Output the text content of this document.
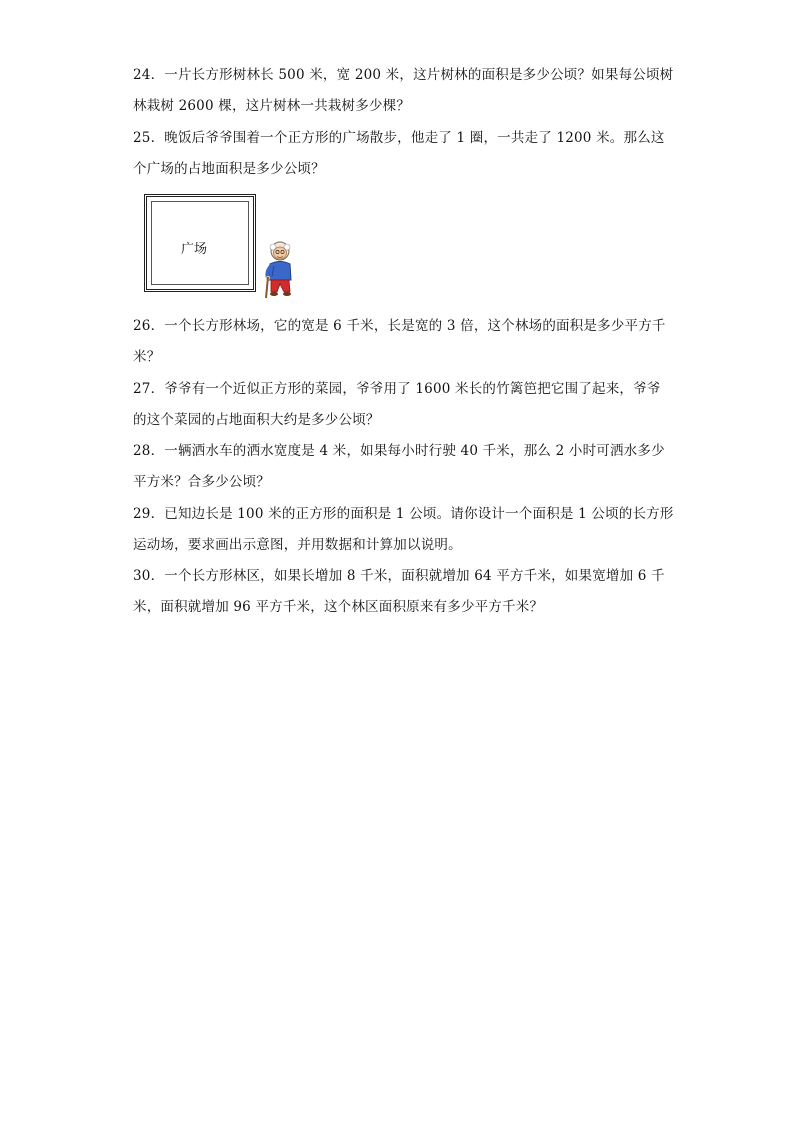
24．一片长方形树林长 500 米，宽 200 米，这片树林的面积是多少公顷？如果每公顷树
林栽树 2600 棵，这片树林一共栽树多少棵？
25．晚饭后爷爷围着一个正方形的广场散步，他走了 1 圈，一共走了 1200 米。那么这
个广场的占地面积是多少公顷？
广场
26．一个长方形林场，它的宽是 6 千米，长是宽的 3 倍，这个林场的面积是多少平方千
米？
27．爷爷有一个近似正方形的菜园，爷爷用了 1600 米长的竹篱笆把它围了起来，爷爷
的这个菜园的占地面积大约是多少公顷？
28．一辆洒水车的洒水宽度是 4 米，如果每小时行驶 40 千米，那么 2 小时可洒水多少
平方米？合多少公顷？
29．已知边长是 100 米的正方形的面积是 1 公顷。请你设计一个面积是 1 公顷的长方形
运动场，要求画出示意图，并用数据和计算加以说明。
30．一个长方形林区，如果长增加 8 千米，面积就增加 64 平方千米，如果宽增加 6 千
米，面积就增加 96 平方千米，这个林区面积原来有多少平方千米？
